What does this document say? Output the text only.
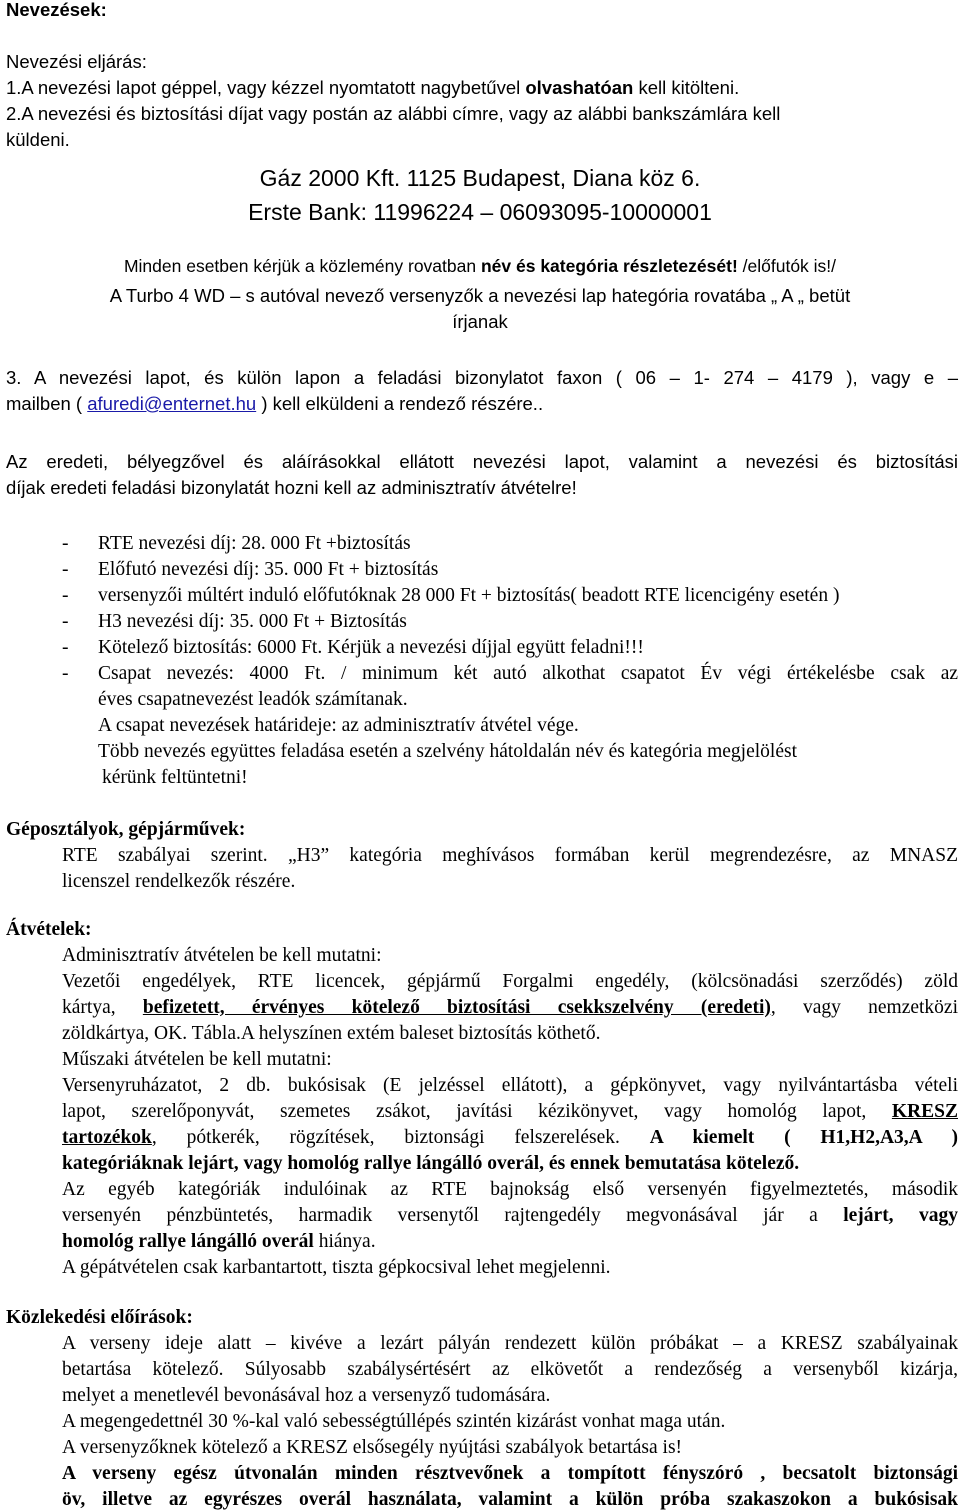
Nevezések:
Nevezési eljárás:
1.A nevezési lapot géppel, vagy kézzel nyomtatott nagybetűvel olvashatóan kell kitölteni.
2.A nevezési és biztosítási díjat vagy postán az alábbi címre, vagy az alábbi bankszámlára kell
küldeni.
Gáz 2000 Kft. 1125 Budapest, Diana köz 6.
Erste Bank: 11996224 – 06093095-10000001
Minden esetben kérjük a közlemény rovatban név és kategória részletezését! /előfutók is!/
A Turbo 4 WD – s autóval nevező versenyzők a nevezési lap hategória rovatába „ A „ betüt
írjanak
3. A nevezési lapot, és külön lapon a feladási bizonylatot faxon ( 06 – 1- 274 – 4179 ), vagy e –
mailben ( afuredi@enternet.hu ) kell elküldeni a rendező részére..
Az eredeti, bélyegzővel és aláírásokkal ellátott nevezési lapot, valamint a nevezési és biztosítási
díjak eredeti feladási bizonylatát hozni kell az adminisztratív átvételre!
- RTE nevezési díj: 28. 000 Ft +biztosítás
- Előfutó nevezési díj: 35. 000 Ft + biztosítás
- versenyzői múltért induló előfutóknak 28 000 Ft + biztosítás( beadott RTE licencigény esetén )
- H3 nevezési díj: 35. 000 Ft + Biztosítás
- Kötelező biztosítás: 6000 Ft. Kérjük a nevezési díjjal együtt feladni!!!
- Csapat nevezés: 4000 Ft. / minimum két autó alkothat csapatot Év végi értékelésbe csak az
éves csapatnevezést leadók számítanak.
A csapat nevezések határideje: az adminisztratív átvétel vége.
Több nevezés együttes feladása esetén a szelvény hátoldalán név és kategória megjelölést
kérünk feltüntetni!
Géposztályok, gépjárművek:
RTE szabályai szerint. „H3” kategória meghívásos formában kerül megrendezésre, az MNASZ
licenszel rendelkezők részére.
Átvételek:
Adminisztratív átvételen be kell mutatni:
Vezetői engedélyek, RTE licencek, gépjármű Forgalmi engedély, (kölcsönadási szerződés) zöld
kártya, befizetett, érvényes kötelező biztosítási csekkszelvény (eredeti), vagy nemzetközi
zöldkártya, OK. Tábla.A helyszínen extém baleset biztosítás köthető.
Műszaki átvételen be kell mutatni:
Versenyruházatot, 2 db. bukósisak (E jelzéssel ellátott), a gépkönyvet, vagy nyilvántartásba vételi
lapot, szerelőponyvát, szemetes zsákot, javítási kézikönyvet, vagy homológ lapot, KRESZ
tartozékok, pótkerék, rögzítések, biztonsági felszerelések. A kiemelt ( H1,H2,A3,A )
kategóriáknak lejárt, vagy homológ rallye lángálló overál, és ennek bemutatása kötelező.
Az egyéb kategóriák indulóinak az RTE bajnokság első versenyén figyelmeztetés, második
versenyén pénzbüntetés, harmadik versenytől rajtengedély megvonásával jár a lejárt, vagy
homológ rallye lángálló overál hiánya.
A gépátvételen csak karbantartott, tiszta gépkocsival lehet megjelenni.
Közlekedési előírások:
A verseny ideje alatt – kivéve a lezárt pályán rendezett külön próbákat – a KRESZ szabályainak
betartása kötelező. Súlyosabb szabálysértésért az elkövetőt a rendezőség a versenyből kizárja,
melyet a menetlevél bevonásával hoz a versenyző tudomására.
A megengedettnél 30 %-kal való sebességtúllépés szintén kizárást vonhat maga után.
A versenyzőknek kötelező a KRESZ elsősegély nyújtási szabályok betartása is!
A verseny egész útvonalán minden résztvevőnek a tompított fényszóró , becsatolt biztonsági
öv, illetve az egyrészes overál használata, valamint a külön próba szakaszokon a bukósisak
